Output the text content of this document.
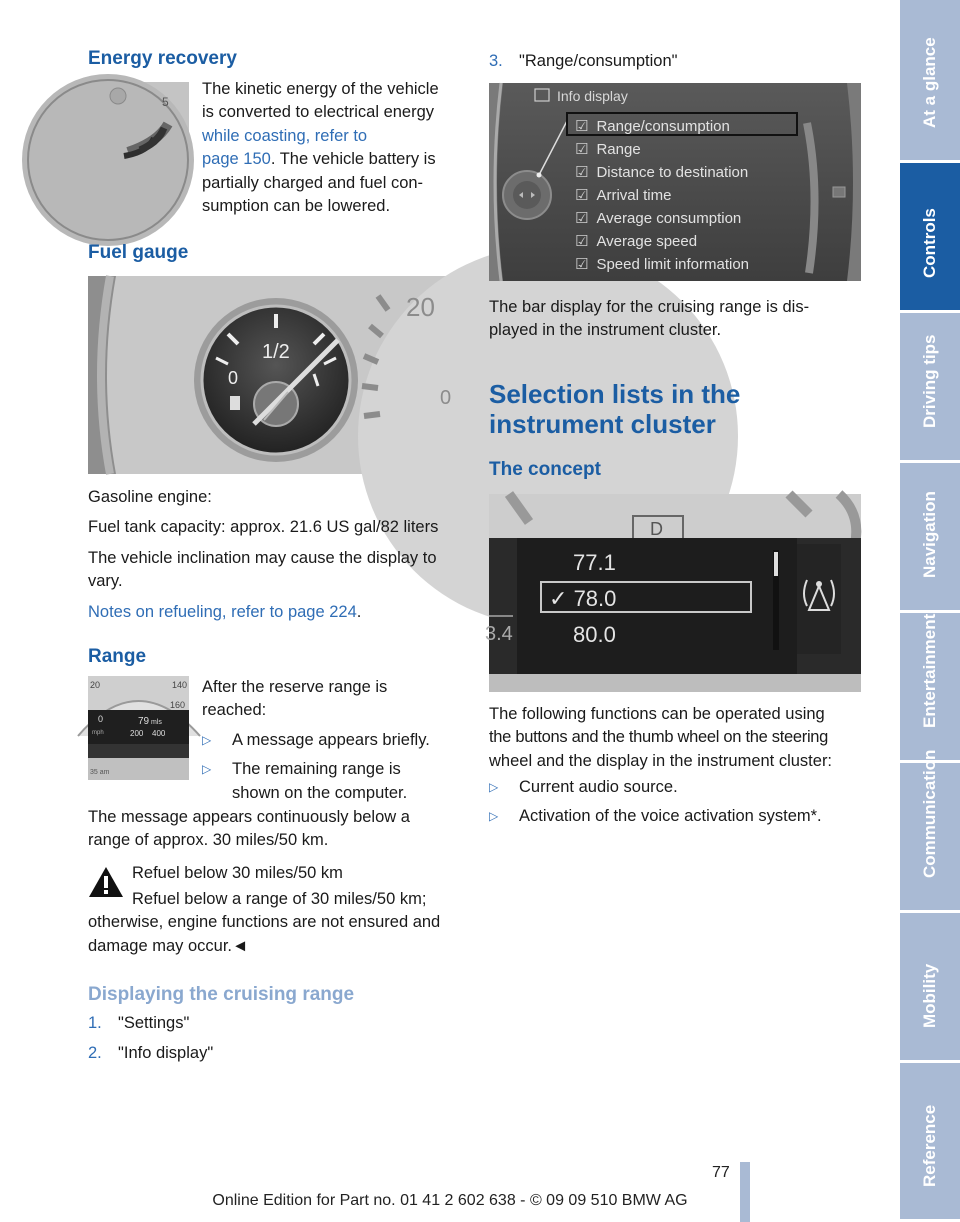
Energy recovery
5
The kinetic energy of the vehicle
is converted to electrical energy
while coasting, refer to
page 150. The vehicle battery is
partially charged and fuel con-
sumption can be lowered.
Fuel gauge
20
0
1/2
0
Gasoline engine:
Fuel tank capacity: approx. 21.6 US gal/82 liters
The vehicle inclination may cause the display to
vary.
Notes on refueling, refer to page 224.
Range
20	140
160
0	79 mls
200 400
mph
35 am
After the reserve range is
reached:
▷	A message appears briefly.
▷	The remaining range is
shown on the computer.
The message appears continuously below a
range of approx. 30 miles/50 km.
Refuel below 30 miles/50 km
Refuel below a range of 30 miles/50 km;
otherwise, engine functions are not ensured and
damage may occur.◄
Displaying the cruising range
1. "Settings"
2. "Info display"
3. "Range/consumption"
Info display
☑ Range/consumption
☑ Range
☑ Distance to destination
☑ Arrival time
☑ Average consumption
☑ Average speed
☑ Speed limit information
The bar display for the cruising range is dis-
played in the instrument cluster.
Selection lists in the
instrument cluster
The concept
D
77.1
✓ 78.0
80.0
3.4
The following functions can be operated using
the buttons and the thumb wheel on the steering
wheel and the display in the instrument cluster:
▷	Current audio source.
▷	Activation of the voice activation system*.
At a glance
Controls
Driving tips
Navigation
Entertainment
Communication
Mobility
Reference
77
Online Edition for Part no. 01 41 2 602 638 - © 09 09 510 BMW AG
